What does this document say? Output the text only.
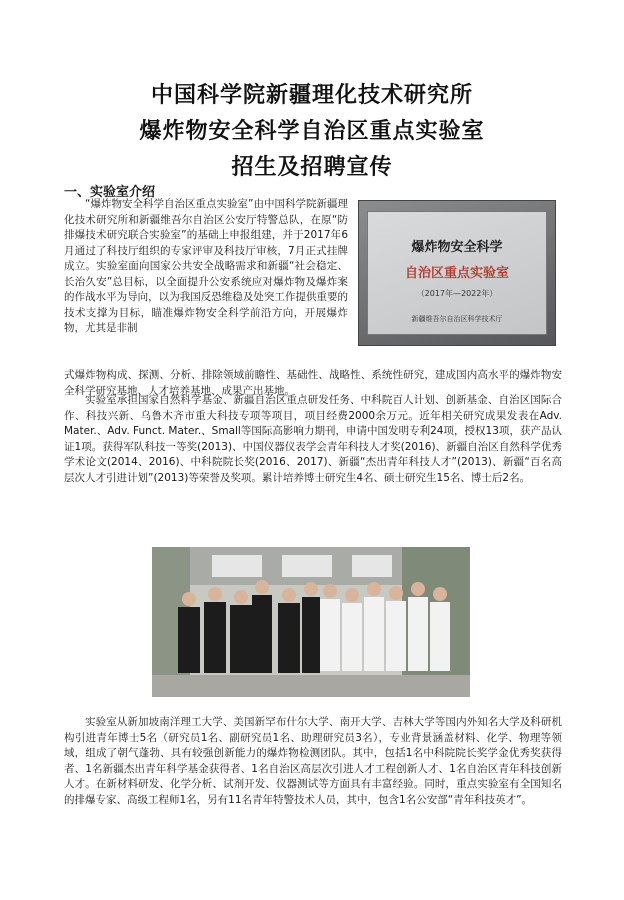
中国科学院新疆理化技术研究所
爆炸物安全科学自治区重点实验室
招生及招聘宣传
一、实验室介绍
“爆炸物安全科学自治区重点实验室”由中国科学院新疆理化技术研究所和新疆维吾尔自治区公安厅特警总队，在原“防排爆技术研究联合实验室”的基础上申报组建，并于2017年6月通过了科技厅组织的专家评审及科技厅审核，7月正式挂牌成立。实验室面向国家公共安全战略需求和新疆“社会稳定、长治久安”总目标，以全面提升公安系统应对爆炸物及爆炸案的作战水平为导向，以为我国反恐维稳及处突工作提供重要的技术支撑为目标，瞄准爆炸物安全科学前沿方向，开展爆炸物，尤其是非制
爆炸物安全科学
自治区重点实验室
（2017年—2022年）
新疆维吾尔自治区科学技术厅
式爆炸物构成、探测、分析、排除领域前瞻性、基础性、战略性、系统性研究，建成国内高水平的爆炸物安全科学研究基地、人才培养基地、成果产出基地。
实验室承担国家自然科学基金、新疆自治区重点研发任务、中科院百人计划、创新基金、自治区国际合作、科技兴新、乌鲁木齐市重大科技专项等项目，项目经费2000余万元。近年相关研究成果发表在Adv. Mater.、Adv. Funct. Mater.、Small等国际高影响力期刊，申请中国发明专利24项，授权13项，获产品认证1项。获得军队科技一等奖(2013)、中国仪器仪表学会青年科技人才奖(2016)、新疆自治区自然科学优秀学术论文(2014、2016)、中科院院长奖(2016、2017)、新疆“杰出青年科技人才”(2013)、新疆“百名高层次人才引进计划”(2013)等荣誉及奖项。累计培养博士研究生4名、硕士研究生15名、博士后2名。
实验室从新加坡南洋理工大学、美国新罕布什尔大学、南开大学、吉林大学等国内外知名大学及科研机构引进青年博士5名（研究员1名、副研究员1名、助理研究员3名），专业背景涵盖材料、化学、物理等领域，组成了朝气蓬勃、具有较强创新能力的爆炸物检测团队。其中，包括1名中科院院长奖学金优秀奖获得者、1名新疆杰出青年科学基金获得者、1名自治区高层次引进人才工程创新人才、1名自治区青年科技创新人才。在新材料研发、化学分析、试剂开发、仪器测试等方面具有丰富经验。同时，重点实验室有全国知名的排爆专家、高级工程师1名，另有11名青年特警技术人员，其中，包含1名公安部“青年科技英才”。
